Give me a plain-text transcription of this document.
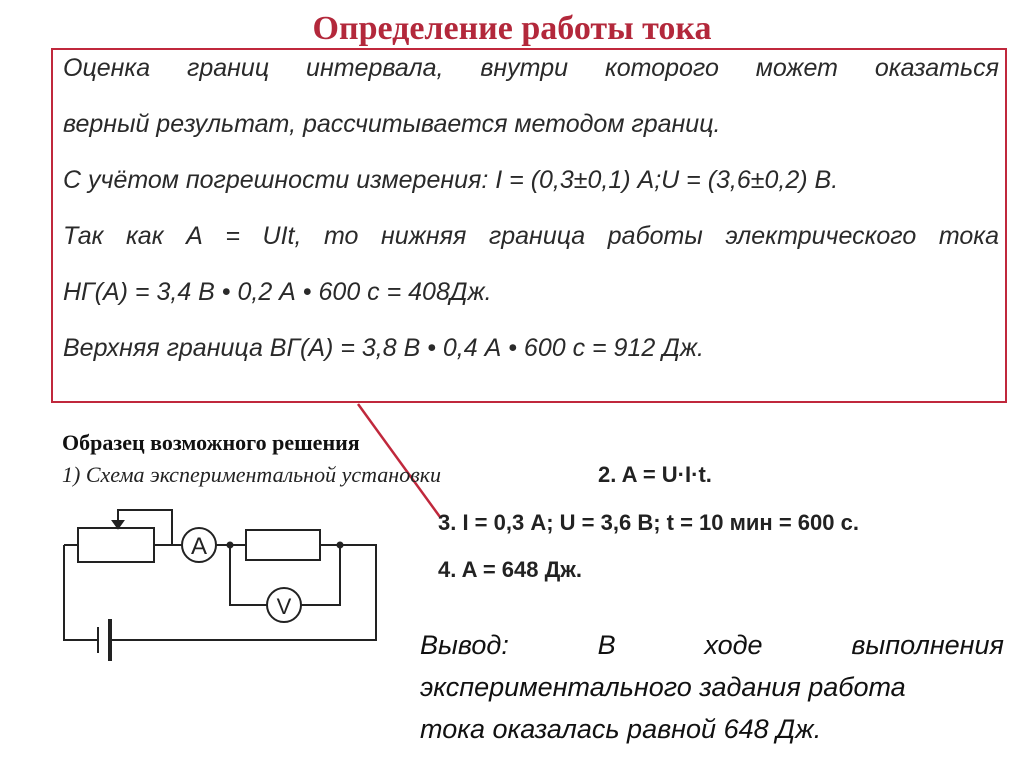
Определение работы тока
Оценка границ интервала, внутри которого может оказаться
верный результат, рассчитывается методом границ.
С учётом погрешности измерения: I = (0,3±0,1) А;U = (3,6±0,2) В.
Так как А = UIt, то нижняя граница работы электрического тока
НГ(А) = 3,4 В • 0,2 А • 600 с = 408Дж.
Верхняя граница ВГ(А) = 3,8 В • 0,4 А • 600 с = 912 Дж.
Образец возможного решения
1) Схема экспериментальной установки	2. A = U·I·t.
3. I = 0,3 А; U = 3,6 В; t = 10 мин = 600 с.
4. A = 648 Дж.
A
V
Вывод:	В	ходе	выполнения
экспериментального задания работа
тока оказалась равной 648 Дж.
